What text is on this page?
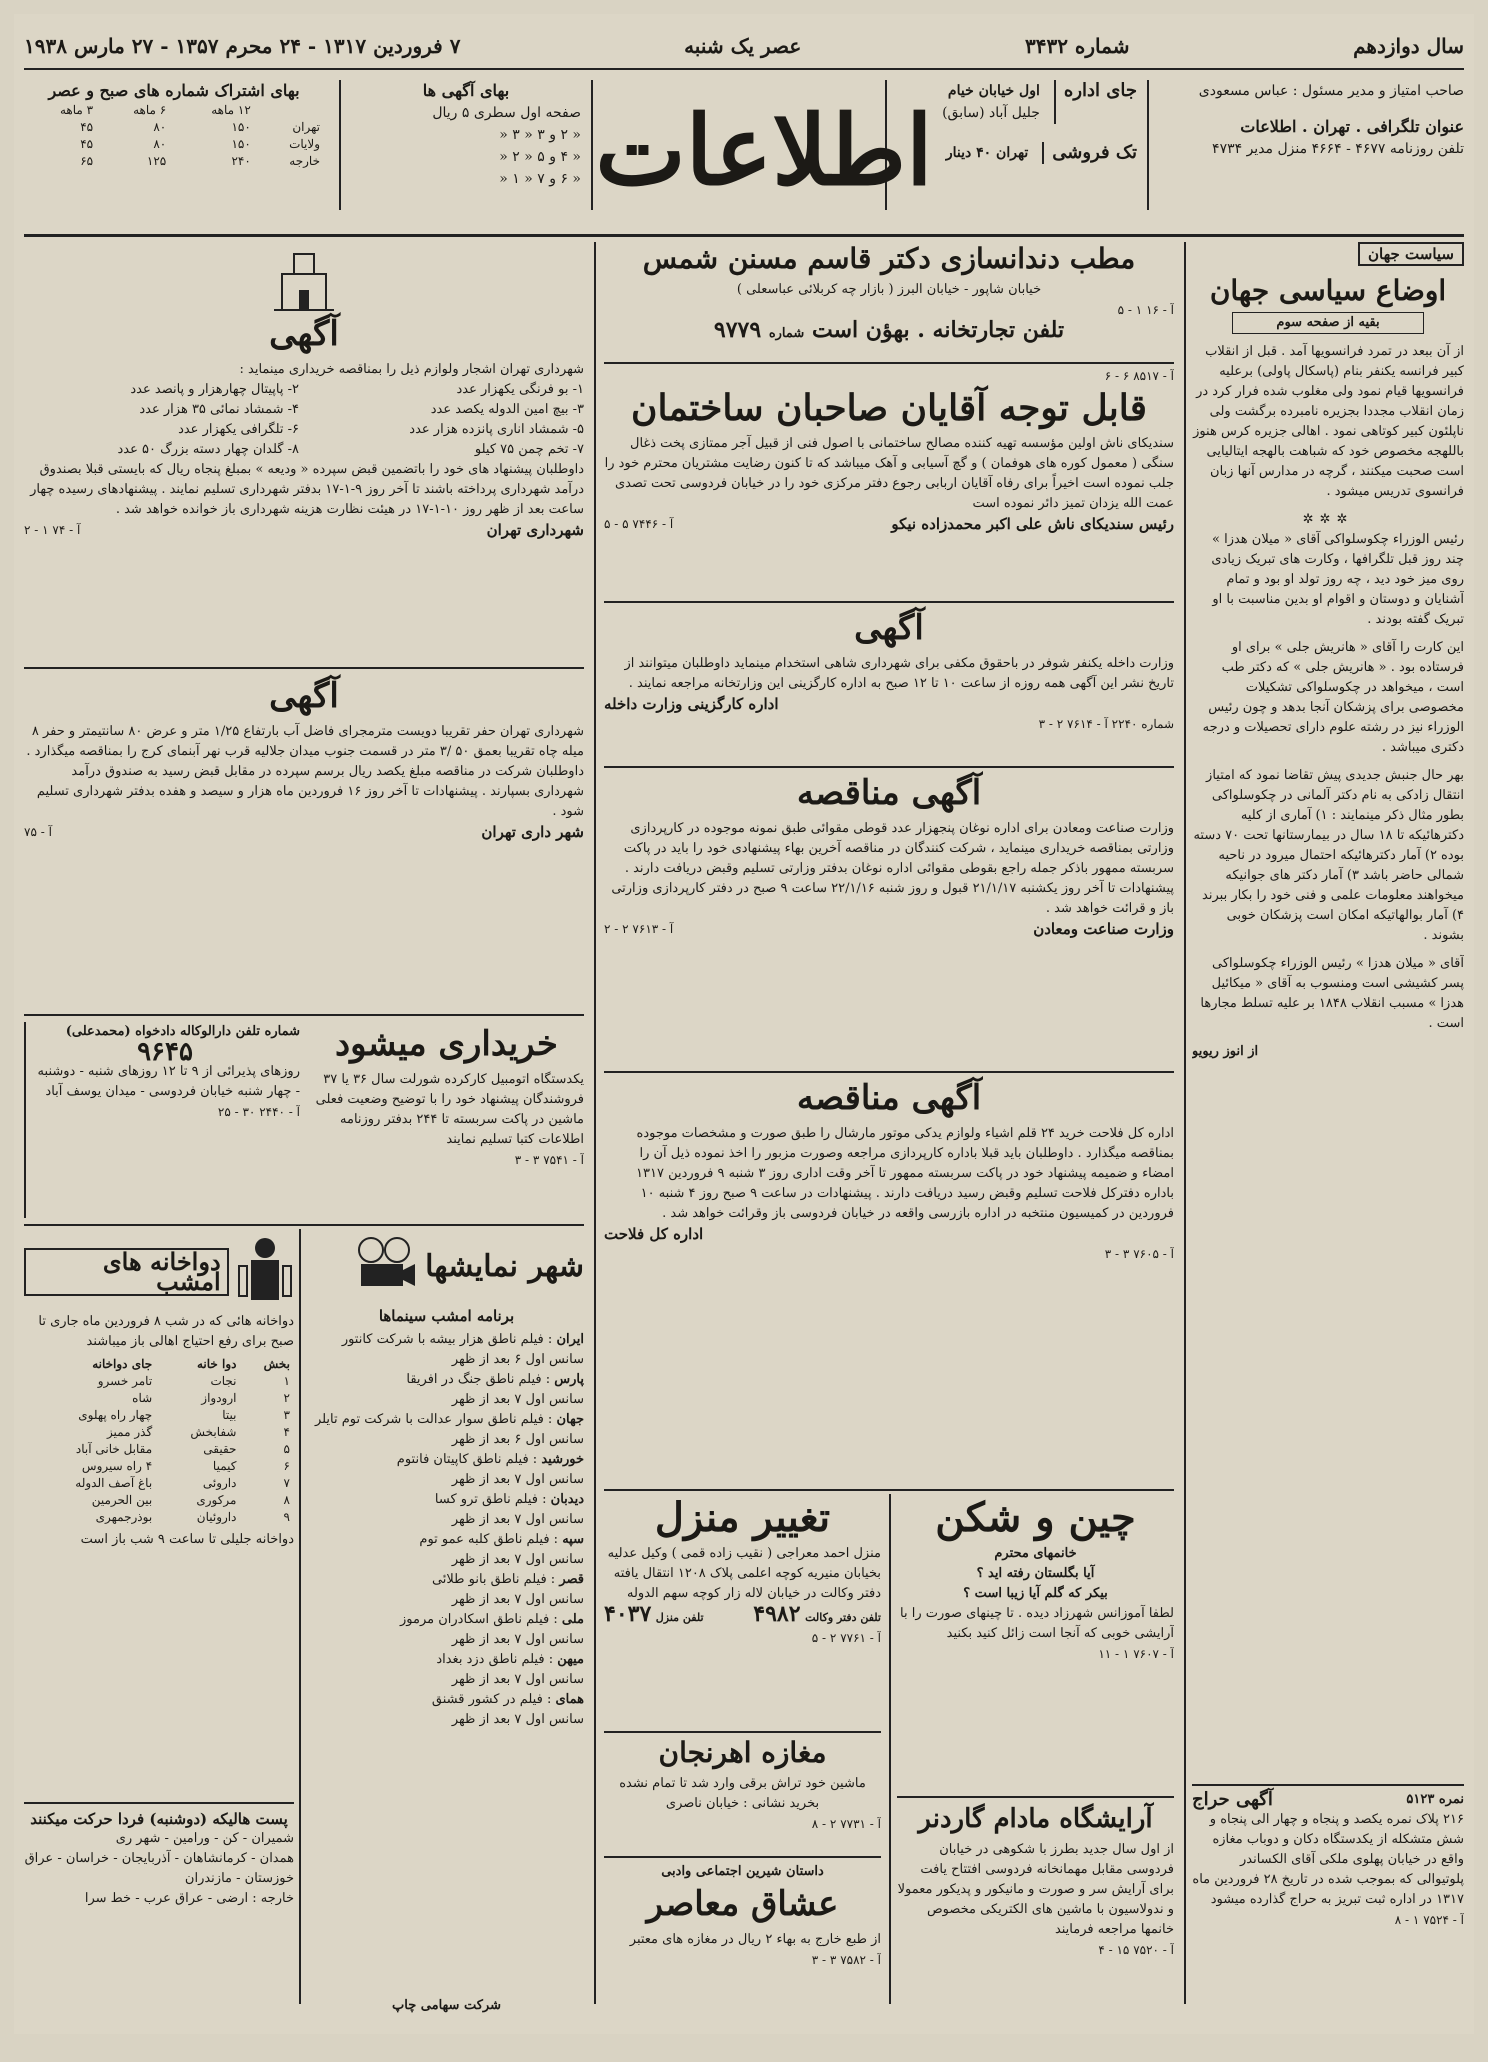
سال دوازدهم
شماره ۳۴۳۲
عصر یک شنبه
۷ فروردین ۱۳۱۷ - ۲۴ محرم ۱۳۵۷ - ۲۷ مارس ۱۹۳۸
صاحب امتیاز و مدیر مسئول : عباس مسعودی
عنوان تلگرافی . تهران . اطلاعات
تلفن روزنامه ۴۶۷۷ - ۴۶۶۴ منزل مدیر ۴۷۳۴
جای اداره
اول خیابان خیام
جلیل آباد (سابق)
تک فروشی
تهران ۴۰ دینار
اطلاعات
بهای آگهی ها
صفحه اول سطری ۵ ریال
« ۲ و ۳ « ۳ «
« ۴ و ۵ « ۲ «
« ۶ و ۷ « ۱ «
بهای اشتراک شماره های صبح و عصر
	۱۲ ماهه	۶ ماهه	۳ ماهه
تهران	۱۵۰	۸۰	۴۵
ولایات	۱۵۰	۸۰	۴۵
خارجه	۲۴۰	۱۲۵	۶۵
سیاست جهان
اوضاع سیاسی جهان
بقیه از صفحه سوم

از آن ببعد در تمرد فرانسویها آمد . قبل از انقلاب کبیر فرانسه یکنفر بنام (پاسکال پاولی) برعلیه فرانسویها قیام نمود ولی مغلوب شده فرار کرد در زمان انقلاب مجددا بجزیره نامبرده برگشت ولی ناپلئون کبیر کوتاهی نمود . اهالی جزیره کرس هنوز باللهجه مخصوص خود که شباهت بالهجه ایتالیایی است صحبت میکنند ، گرچه در مدارس آنها زبان فرانسوی تدریس میشود .

✲✲✲

رئیس الوزراء چکوسلواکی آقای « میلان هدزا » چند روز قبل تلگرافها ، وکارت های تبریک زیادی روی میز خود دید ، چه روز تولد او بود و تمام آشنایان و دوستان و اقوام او بدین مناسبت با او تبریک گفته بودند .

این کارت را آقای « هانریش جلی » برای او فرستاده بود . « هانریش جلی » که دکتر طب است ، میخواهد در چکوسلواکی تشکیلات مخصوصی برای پزشکان آنجا بدهد و چون رئیس الوزراء نیز در رشته علوم دارای تحصیلات و درجه دکتری میباشد .

بهر حال جنبش جدیدی پیش تقاضا نمود که امتیاز انتقال زادکی به نام دکتر آلمانی در چکوسلواکی بطور مثال ذکر مینمایند : ۱) آماری از کلیه دکترهائیکه تا ۱۸ سال در بیمارستانها تحت ۷۰ دسته بوده ۲) آمار دکترهائیکه احتمال میرود در ناحیه شمالی حاضر باشد ۳) آمار دکتر های جوانیکه میخواهند معلومات علمی و فنی خود را بکار ببرند ۴) آمار بوالهاتیکه امکان است پزشکان خوبی بشوند .

آقای « میلان هدزا » رئیس الوزراء چکوسلواکی پسر کشیشی است ومنسوب به آقای « میکائیل هدزا » مسبب انقلاب ۱۸۴۸ بر علیه تسلط مجارها است .

از انوز ریویو
نمره ۵۱۲۳
آگهی حراج
۲۱۶ پلاک نمره یکصد و پنجاه و چهار الی پنجاه و شش متشکله از یکدستگاه دکان و دوباب مغازه واقع در خیابان پهلوی ملکی آقای الکساندر پلوتیوالی که بموجب شده در تاریخ ۲۸ فروردین ماه ۱۳۱۷ در اداره ثبت تبریز به حراج گذارده میشود
آ - ۷۵۲۴ ۱ - ۸
مطب دندانسازی دکتر قاسم مسنن شمس
خیابان شاپور - خیابان البرز ( بازار چه کربلائی عباسعلی )
آ - ۱۶ ۱ - ۵
تلفن تجارتخانه . بهؤن است شماره ۹۷۷۹
آ - ۸۵۱۷ ۶ - ۶
قابل توجه آقایان صاحبان ساختمان
سندیکای ناش اولین مؤسسه تهیه کننده مصالح ساختمانی با اصول فنی از قبیل آجر ممتازی پخت ذغال سنگی ( معمول کوره های هوفمان ) و گچ آسیابی و آهک میباشد که تا کنون رضایت مشتریان محترم خود را جلب نموده است اخیراً برای رفاه آقایان اربابی رجوع دفتر مرکزی خود را در خیابان فردوسی تحت تصدی عمت الله یزدان تمیز دائر نموده است
رئیس سندیکای ناش علی اکبر محمدزاده نیکو
آ - ۷۴۴۶ ۵ - ۵
آگهی
وزارت داخله یکنفر شوفر در باحقوق مکفی برای شهرداری شاهی استخدام مینماید داوطلبان میتوانند از تاریخ نشر این آگهی همه روزه از ساعت ۱۰ تا ۱۲ صبح به اداره کارگزینی این وزارتخانه مراجعه نمایند .
اداره کارگزینی وزارت داخله
شماره ۲۲۴۰ آ - ۷۶۱۴ ۲ - ۳
آگهی مناقصه
وزارت صناعت ومعادن برای اداره نوغان پنجهزار عدد قوطی مقوائی طبق نمونه موجوده در کارپردازی وزارتی بمناقصه خریداری مینماید ، شرکت کنندگان در مناقصه آخرین بهاء پیشنهادی خود را باید در پاکت سربسته ممهور باذکر جمله راجع بقوطی مقوائی اداره نوغان بدفتر وزارتی تسلیم وقبض دریافت دارند . پیشنهادات تا آخر روز یکشنبه ۲۱/۱/۱۷ قبول و روز شنبه ۲۲/۱/۱۶ ساعت ۹ صبح در دفتر کارپردازی وزارتی باز و قرائت خواهد شد .
وزارت صناعت ومعادن
آ - ۷۶۱۳ ۲ - ۲
آگهی مناقصه
اداره کل فلاحت خرید ۲۴ قلم اشیاء ولوازم یدکی موتور مارشال را طبق صورت و مشخصات موجوده بمناقصه میگذارد . داوطلبان باید قبلا باداره کارپردازی مراجعه وصورت مزبور را اخذ نموده ذیل آن را امضاء و ضمیمه پیشنهاد خود در پاکت سربسته ممهور تا آخر وقت اداری روز ۳ شنبه ۹ فروردین ۱۳۱۷ باداره دفترکل فلاحت تسلیم وقبض رسید دریافت دارند . پیشنهادات در ساعت ۹ صبح روز ۴ شنبه ۱۰ فروردین در کمیسیون منتخبه در اداره بازرسی واقعه در خیابان فردوسی باز وقرائت خواهد شد .
اداره کل فلاحت
آ - ۷۶۰۵ ۳ - ۳
چین و شکن
خانمهای محترم
آیا بگلستان رفته اید ؟
بیکر که گلم آیا زیبا است ؟
لطفا آموزانس شهرزاد دیده . تا چینهای صورت را با آرایشی خوبی که آنجا است زائل کنید بکنید
آ - ۷۶۰۷ ۱ - ۱۱
آرایشگاه مادام گاردنر
از اول سال جدید بطرز با شکوهی در خیابان فردوسی مقابل مهمانخانه فردوسی افتتاح یافت برای آرایش سر و صورت و مانیکور و پدیکور معمولا و ندولاسیون با ماشین های الکتریکی مخصوص خانمها مراجعه فرمایند
آ - ۷۵۲۰ ۱۵ - ۴
تغییر منزل
منزل احمد معراجی ( نقیب زاده قمی ) وکیل عدلیه بخیابان منیریه کوچه اعلمی پلاک ۱۲۰۸ انتقال یافته دفتر وکالت در خیابان لاله زار کوچه سهم الدوله
تلفن دفتر وکالت ۴۹۸۲
تلفن منزل ۴۰۳۷
آ - ۷۷۶۱ ۲ - ۵
مغازه اهرنجان
ماشین خود تراش برقی وارد شد تا تمام نشده بخرید نشانی : خیابان ناصری
آ - ۷۷۳۱ ۲ - ۸
داستان شیرین اجتماعی وادبی
عشاق معاصر
از طبع خارج به بهاء ۲ ریال در مغازه های معتبر
آ - ۷۵۸۲ ۳ - ۳
آگهی
شهرداری تهران اشجار ولوازم ذیل را بمناقصه خریداری مینماید :
۱- بو فرنگی یکهزار عدد
۲- پاپیتال چهارهزار و پانصد عدد
۳- بیچ امین الدوله یکصد عدد
۴- شمشاد نمائی ۳۵ هزار عدد
۵- شمشاد اناری پانزده هزار عدد
۶- تلگرافی یکهزار عدد
۷- تخم چمن ۷۵ کیلو
۸- گلدان چهار دسته بزرگ ۵۰ عدد
داوطلبان پیشنهاد های خود را باتضمین قبض سپرده « ودیعه » بمبلغ پنجاه ریال که بایستی قبلا بصندوق درآمد شهرداری پرداخته باشند تا آخر روز ۹-۱-۱۷ بدفتر شهرداری تسلیم نمایند . پیشنهادهای رسیده چهار ساعت بعد از ظهر روز ۱۰-۱-۱۷ در هیئت نظارت هزینه شهرداری باز خوانده خواهد شد .
شهرداری تهران
آ - ۷۴ ۱ - ۲
آگهی
شهرداری تهران حفر تقریبا دویست مترمجرای فاضل آب بارتفاع ۱/۲۵ متر و عرض ۸۰ سانتیمتر و حفر ۸ میله چاه تقریبا بعمق ۵۰ /۳ متر در قسمت جنوب میدان جلالیه قرب نهر آبنمای کرج را بمناقصه میگذارد . داوطلبان شرکت در مناقصه مبلغ یکصد ریال برسم سپرده در مقابل قبض رسید به صندوق درآمد شهرداری بسپارند . پیشنهادات تا آخر روز ۱۶ فروردین ماه هزار و سیصد و هفده بدفتر شهرداری تسلیم شود .
شهر داری تهران
آ - ۷۵
خریداری میشود
یکدستگاه اتومبیل کارکرده شورلت سال ۳۶ یا ۳۷ فروشندگان پیشنهاد خود را با توضیح وضعیت فعلی ماشین در پاکت سربسته تا ۲۴۴ بدفتر روزنامه اطلاعات کتبا تسلیم نمایند
آ - ۷۵۴۱ ۳ - ۳
شماره تلفن دارالوکاله دادخواه (محمدعلی)
۹۶۴۵
روزهای پذیرائی از ۹ تا ۱۲ روزهای شنبه - دوشنبه - چهار شنبه خیابان فردوسی - میدان یوسف آباد
آ - ۲۴۴۰ ۳۰ - ۲۵
شهر نمایشها
برنامه امشب سینماها
ایران : فیلم ناطق هزار بیشه با شرکت کانتور
سانس اول ۶ بعد از ظهر
پارس : فیلم ناطق جنگ در افریقا
سانس اول ۷ بعد از ظهر
جهان : فیلم ناطق سوار عدالت با شرکت توم تایلر
سانس اول ۶ بعد از ظهر
خورشید : فیلم ناطق کاپیتان فانتوم
سانس اول ۷ بعد از ظهر
دیدبان : فیلم ناطق ترو کسا
سانس اول ۷ بعد از ظهر
سپه : فیلم ناطق کلبه عمو توم
سانس اول ۷ بعد از ظهر
قصر : فیلم ناطق بانو طلائی
سانس اول ۷ بعد از ظهر
ملی : فیلم ناطق اسکادران مرموز
سانس اول ۷ بعد از ظهر
میهن : فیلم ناطق دزد بغداد
سانس اول ۷ بعد از ظهر
همای : فیلم در کشور قشنق
سانس اول ۷ بعد از ظهر
شرکت سهامی چاپ
دواخانه های امشب
دواخانه هائی که در شب ۸ فروردین ماه جاری تا صبح برای رفع احتیاج اهالی باز میباشند
بخش	دوا خانه	جای دواخانه
۱	نجات	تامر خسرو
۲	ارودواز	شاه
۳	بیتا	چهار راه پهلوی
۴	شفابخش	گذر ممیز
۵	حقیقی	مقابل خانی آباد
۶	کیمیا	۴ راه سیروس
۷	داروئی	باغ آصف الدوله
۸	مرکوری	بین الحرمین
۹	داروئیان	بوذرجمهری
دواخانه جلیلی تا ساعت ۹ شب باز است
پست هالیکه (دوشنبه) فردا حرکت میکنند
شمیران - کن - ورامین - شهر ری
همدان - کرمانشاهان - آذربایجان - خراسان - عراق
خوزستان - مازندران
خارجه : ارضی - عراق عرب - خط سرا
